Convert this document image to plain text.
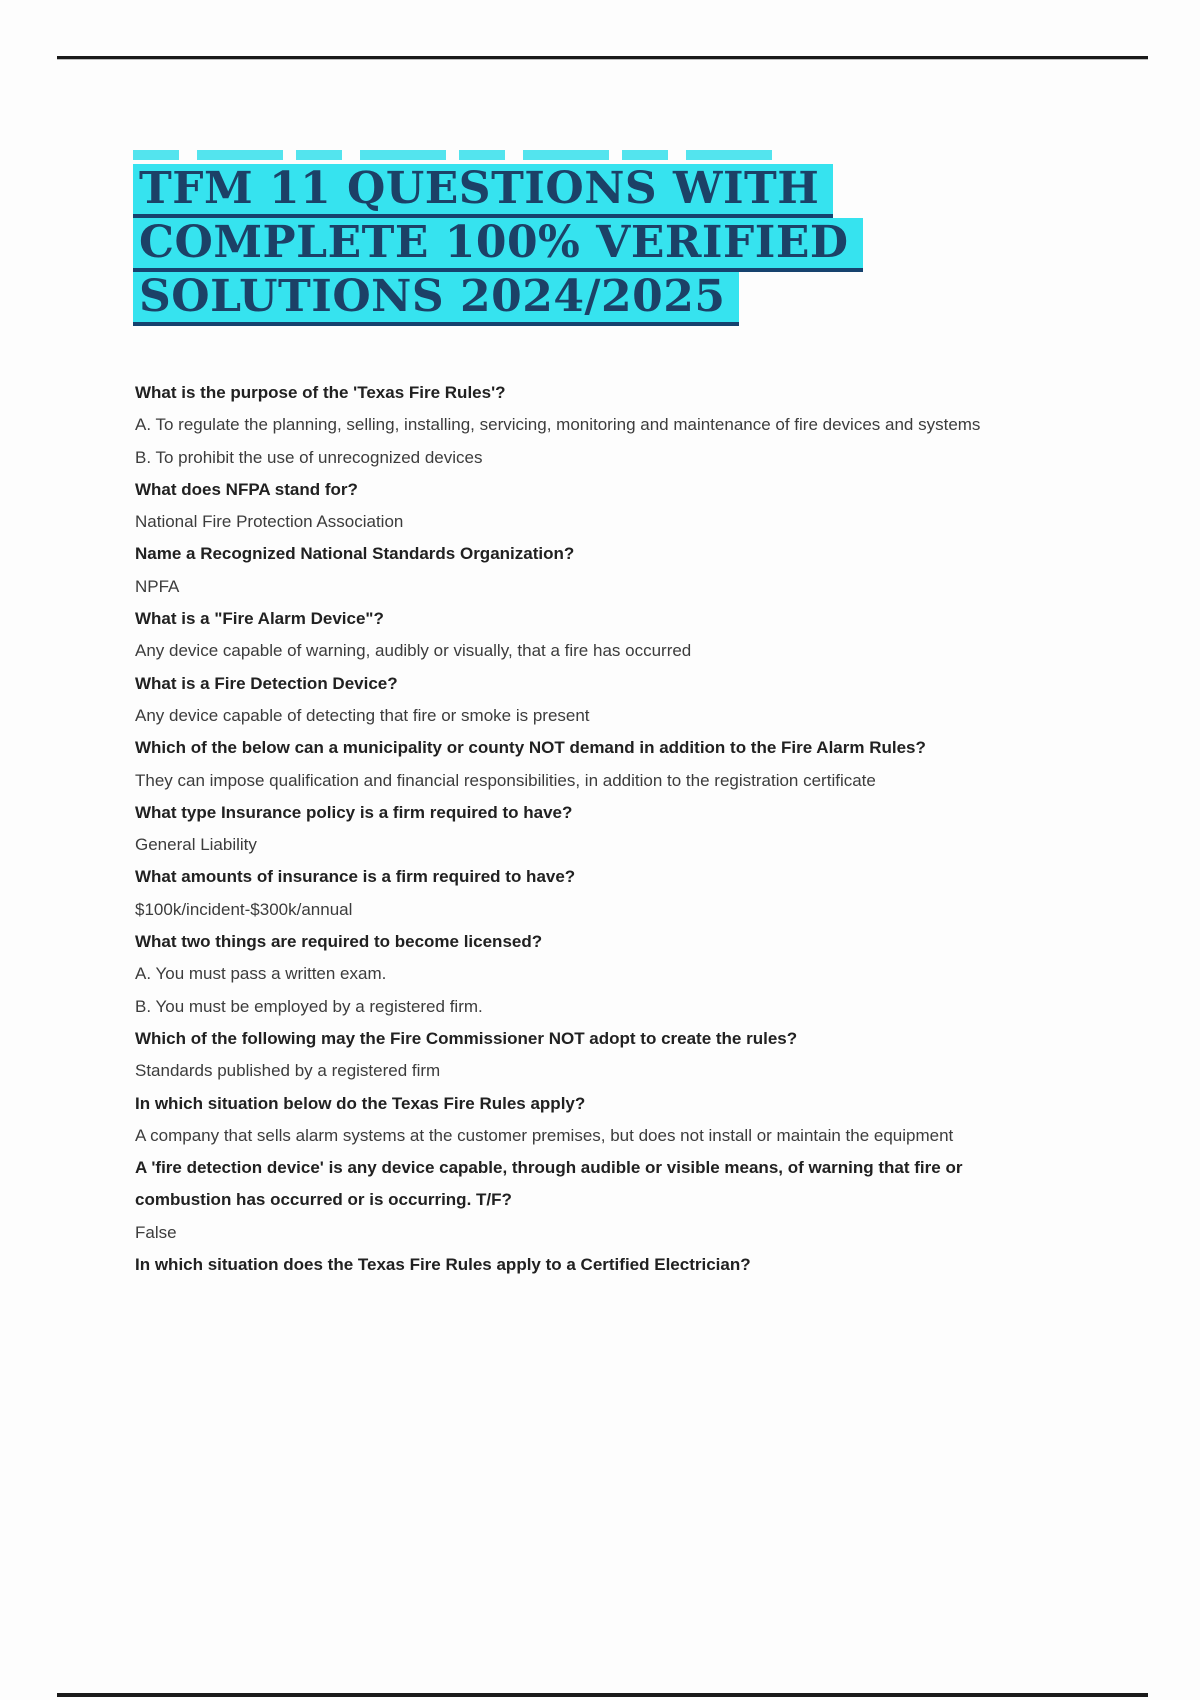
TFM 11 QUESTIONS WITH
COMPLETE 100% VERIFIED
SOLUTIONS 2024/2025

What is the purpose of the 'Texas Fire Rules'?

A. To regulate the planning, selling, installing, servicing, monitoring and maintenance of fire devices and systems

B. To prohibit the use of unrecognized devices

What does NFPA stand for?

National Fire Protection Association

Name a Recognized National Standards Organization?

NPFA

What is a "Fire Alarm Device"?

Any device capable of warning, audibly or visually, that a fire has occurred

What is a Fire Detection Device?

Any device capable of detecting that fire or smoke is present

Which of the below can a municipality or county NOT demand in addition to the Fire Alarm Rules?

They can impose qualification and financial responsibilities, in addition to the registration certificate

What type Insurance policy is a firm required to have?

General Liability

What amounts of insurance is a firm required to have?

$100k/incident-$300k/annual

What two things are required to become licensed?

A. You must pass a written exam.

B. You must be employed by a registered firm.

Which of the following may the Fire Commissioner NOT adopt to create the rules?

Standards published by a registered firm

In which situation below do the Texas Fire Rules apply?

A company that sells alarm systems at the customer premises, but does not install or maintain the equipment

A 'fire detection device' is any device capable, through audible or visible means, of warning that fire or combustion has occurred or is occurring. T/F?

False

In which situation does the Texas Fire Rules apply to a Certified Electrician?
